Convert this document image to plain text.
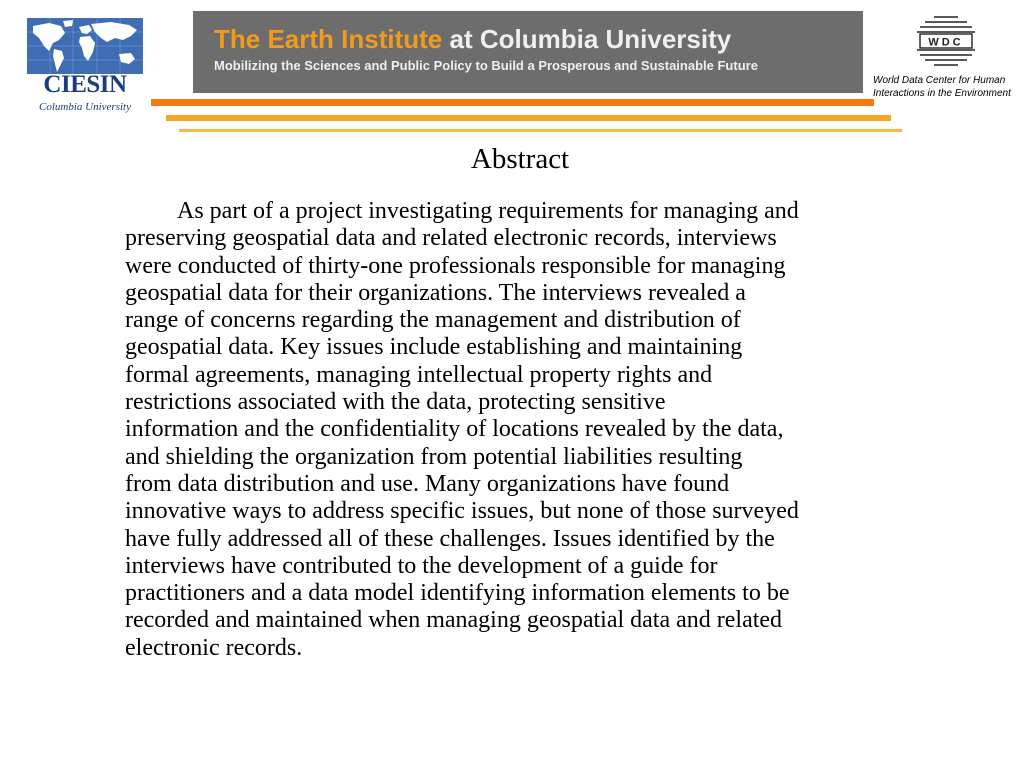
CIESIN
Columbia University
The Earth Institute at Columbia University
Mobilizing the Sciences and Public Policy to Build a Prosperous and Sustainable Future
WDC
World Data Center for Human
Interactions in the Environment
Abstract
As part of a project investigating requirements for managing and
preserving geospatial data and related electronic records, interviews
were conducted of thirty-one professionals responsible for managing
geospatial data for their organizations. The interviews revealed a
range of concerns regarding the management and distribution of
geospatial data. Key issues include establishing and maintaining
formal agreements, managing intellectual property rights and
restrictions associated with the data, protecting sensitive
information and the confidentiality of locations revealed by the data,
and shielding the organization from potential liabilities resulting
from data distribution and use. Many organizations have found
innovative ways to address specific issues, but none of those surveyed
have fully addressed all of these challenges. Issues identified by the
interviews have contributed to the development of a guide for
practitioners and a data model identifying information elements to be
recorded and maintained when managing geospatial data and related
electronic records.
